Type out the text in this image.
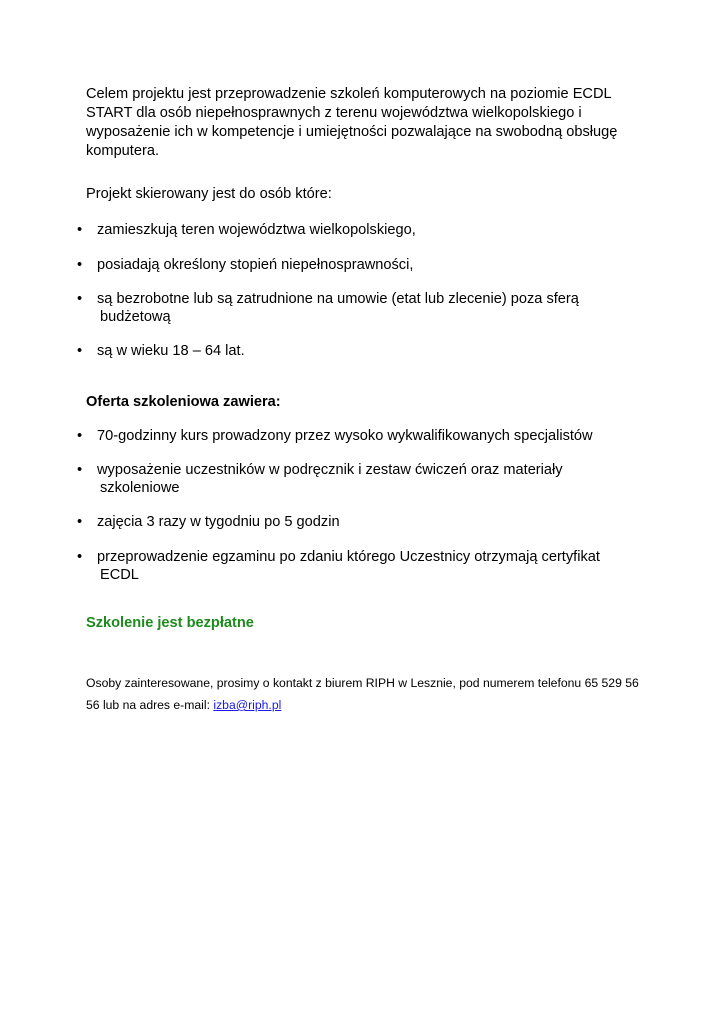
Celem projektu jest przeprowadzenie szkoleń komputerowych na poziomie ECDL
START dla osób niepełnosprawnych z terenu województwa wielkopolskiego i
wyposażenie ich w kompetencje i umiejętności pozwalające na swobodną obsługę
komputera.

Projekt skierowany jest do osób które:

•	zamieszkują teren województwa wielkopolskiego,
•	posiadają określony stopień niepełnosprawności,
•	są bezrobotne lub są zatrudnione na umowie (etat lub zlecenie) poza sferą
budżetową
•	są w wieku 18 – 64 lat.

Oferta szkoleniowa zawiera:

•	70-godzinny kurs prowadzony przez wysoko wykwalifikowanych specjalistów
•	wyposażenie uczestników w podręcznik i zestaw ćwiczeń oraz materiały
szkoleniowe
•	zajęcia 3 razy w tygodniu po 5 godzin
•	przeprowadzenie egzaminu po zdaniu którego Uczestnicy otrzymają certyfikat
ECDL

Szkolenie jest bezpłatne

Osoby zainteresowane, prosimy o kontakt z biurem RIPH w Lesznie, pod numerem telefonu 65 529 56
56 lub na adres e-mail: izba@riph.pl
